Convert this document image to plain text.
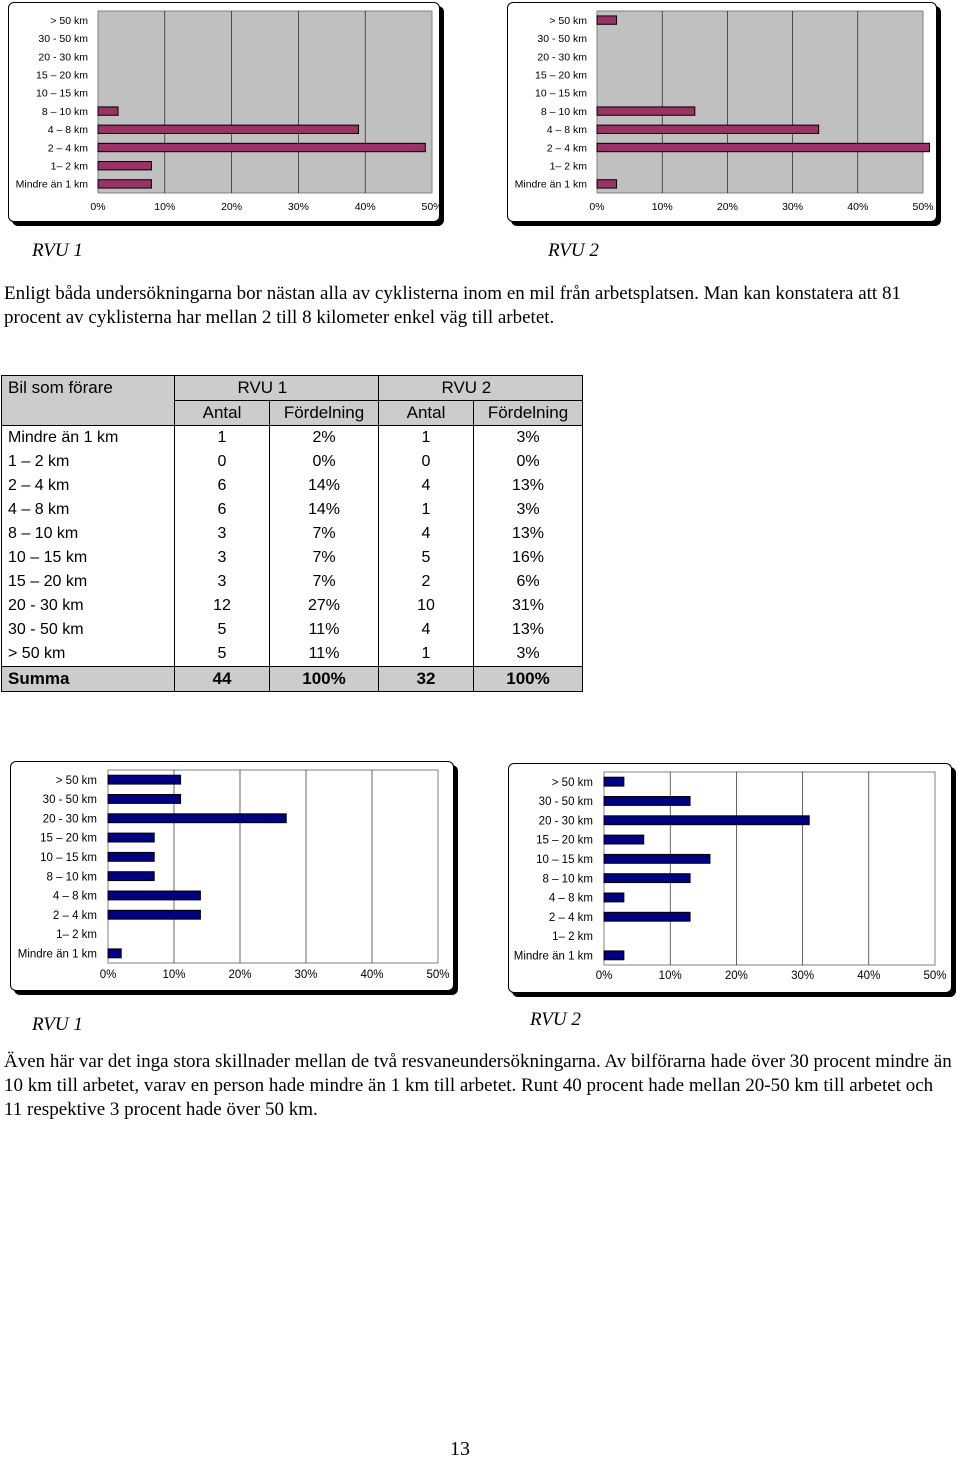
0%	10%	20%	30%	40%	50%
> 50 km
30 - 50 km
20 - 30 km
15 – 20 km
10 – 15 km
8 – 10 km
4 – 8 km
2 – 4 km
1– 2 km
Mindre än 1 km
0%	10%	20%	30%	40%	50%
> 50 km
30 - 50 km
20 - 30 km
15 – 20 km
10 – 15 km
8 – 10 km
4 – 8 km
2 – 4 km
1– 2 km
Mindre än 1 km
RVU 1	RVU 2
Enligt båda undersökningarna bor nästan alla av cyklisterna inom en mil från arbetsplatsen. Man kan konstatera att 81 procent av cyklisterna har mellan 2 till 8 kilometer enkel väg till arbetet.
Bil som förare		RVU 1		RVU 2
	Antal	Fördelning	Antal	Fördelning
Mindre än 1 km	1	2%	1	3%
1 – 2 km	0	0%	0	0%
2 – 4 km	6	14%	4	13%
4 – 8 km	6	14%	1	3%
8 – 10 km	3	7%	4	13%
10 – 15 km	3	7%	5	16%
15 – 20 km	3	7%	2	6%
20 - 30 km	12	27%	10	31%
30 - 50 km	5	11%	4	13%
> 50 km	5	11%	1	3%
Summa	44	100%	32	100%
0%	10%	20%	30%	40%	50%
> 50 km
30 - 50 km
20 - 30 km
15 – 20 km
10 – 15 km
8 – 10 km
4 – 8 km
2 – 4 km
1– 2 km
Mindre än 1 km
0%	10%	20%	30%	40%	50%
> 50 km
30 - 50 km
20 - 30 km
15 – 20 km
10 – 15 km
8 – 10 km
4 – 8 km
2 – 4 km
1– 2 km
Mindre än 1 km
RVU 1	RVU 2
Även här var det inga stora skillnader mellan de två resvaneundersökningarna. Av bilförarna hade över 30 procent mindre än 10 km till arbetet, varav en person hade mindre än 1 km till arbetet. Runt 40 procent hade mellan 20-50 km till arbetet och 11 respektive 3 procent hade över 50 km.
13
